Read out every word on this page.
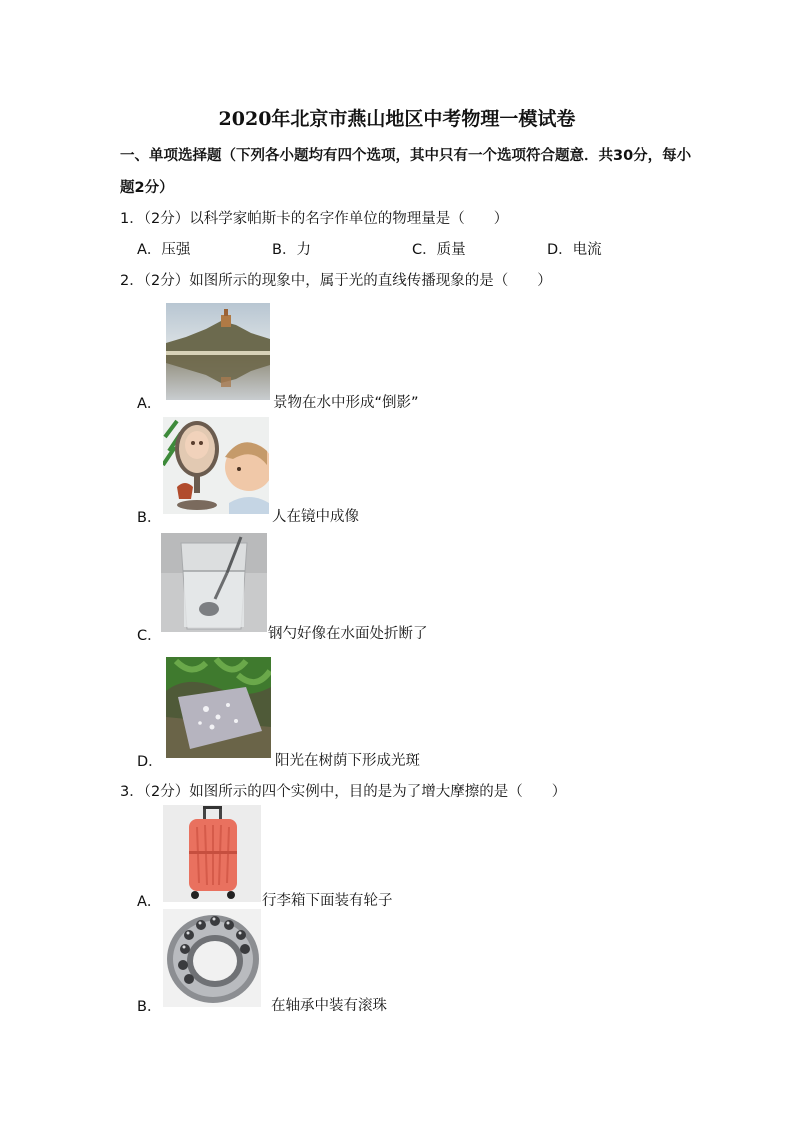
2020年北京市燕山地区中考物理一模试卷
一、单项选择题（下列各小题均有四个选项，其中只有一个选项符合题意．共30分，每小
题2分）
1．（2分）以科学家帕斯卡的名字作单位的物理量是（　　）
A．压强	B．力	C．质量	D．电流
2．（2分）如图所示的现象中，属于光的直线传播现象的是（　　）
A．	景物在水中形成“倒影”
B．	人在镜中成像
C．	钢勺好像在水面处折断了
D．	阳光在树荫下形成光斑
3．（2分）如图所示的四个实例中，目的是为了增大摩擦的是（　　）
A．	行李箱下面装有轮子
B．	在轴承中装有滚珠
